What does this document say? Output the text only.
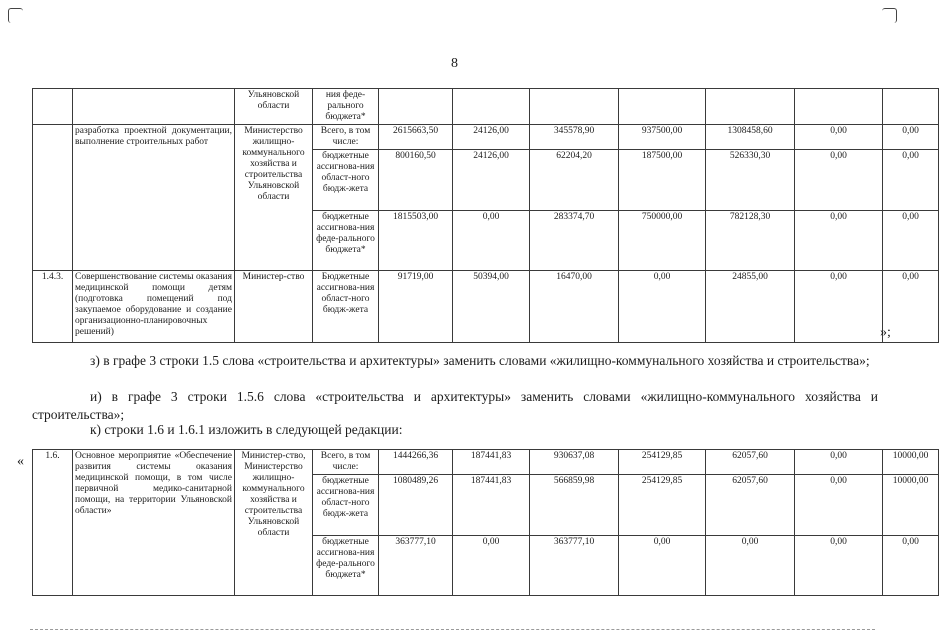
8
		Ульяновской области	ния феде-ральнoго бюджета*							
	разработка проектной документации, выполнение строительных работ	Министерство жилищно-коммунального хозяйства и строительства Ульяновской области	Всего, в том числе:	2615663,50	24126,00	345578,90	937500,00	1308458,60	0,00	0,00
			бюджетные ассигнова-ния област-ного бюдж-жета	800160,50	24126,00	62204,20	187500,00	526330,30	0,00	0,00
			бюджетные ассигнова-ния феде-рального бюджета*	1815503,00	0,00	283374,70	750000,00	782128,30	0,00	0,00
1.4.3.	Совершенствование системы оказания медицинской помощи детям (подготовка помещений под закупаемое оборудование и создание организационно-планировочных решений)	Министер-ство	Бюджетные ассигнова-ния област-ного бюдж-жета	91719,00	50394,00	16470,00	0,00	24855,00	0,00	0,00
»;
з) в графе 3 строки 1.5 слова «строительства и архитектуры» заменить словами «жилищно-коммунального хозяйства и строительства»;
и) в графе 3 строки 1.5.6 слова «строительства и архитектуры» заменить словами «жилищно-коммунального хозяйства и строительства»;
к) строки 1.6 и 1.6.1 изложить в следующей редакции:
« 1.6.	Основное мероприятие «Обеспечение развития системы оказания медицинской помощи, в том числе первичной медико-санитарной помощи, на территории Ульяновской области»	Министер-ство, Министерство жилищно-коммунального хозяйства и строительства Ульяновской области	Всего, в том числе:	1444266,36	187441,83	930637,08	254129,85	62057,60	0,00	10000,00
			бюджетные ассигнова-ния област-ного бюдж-жета	1080489,26	187441,83	566859,98	254129,85	62057,60	0,00	10000,00
			бюджетные ассигнова-ния феде-рального бюджета*	363777,10	0,00	363777,10	0,00	0,00	0,00	0,00
